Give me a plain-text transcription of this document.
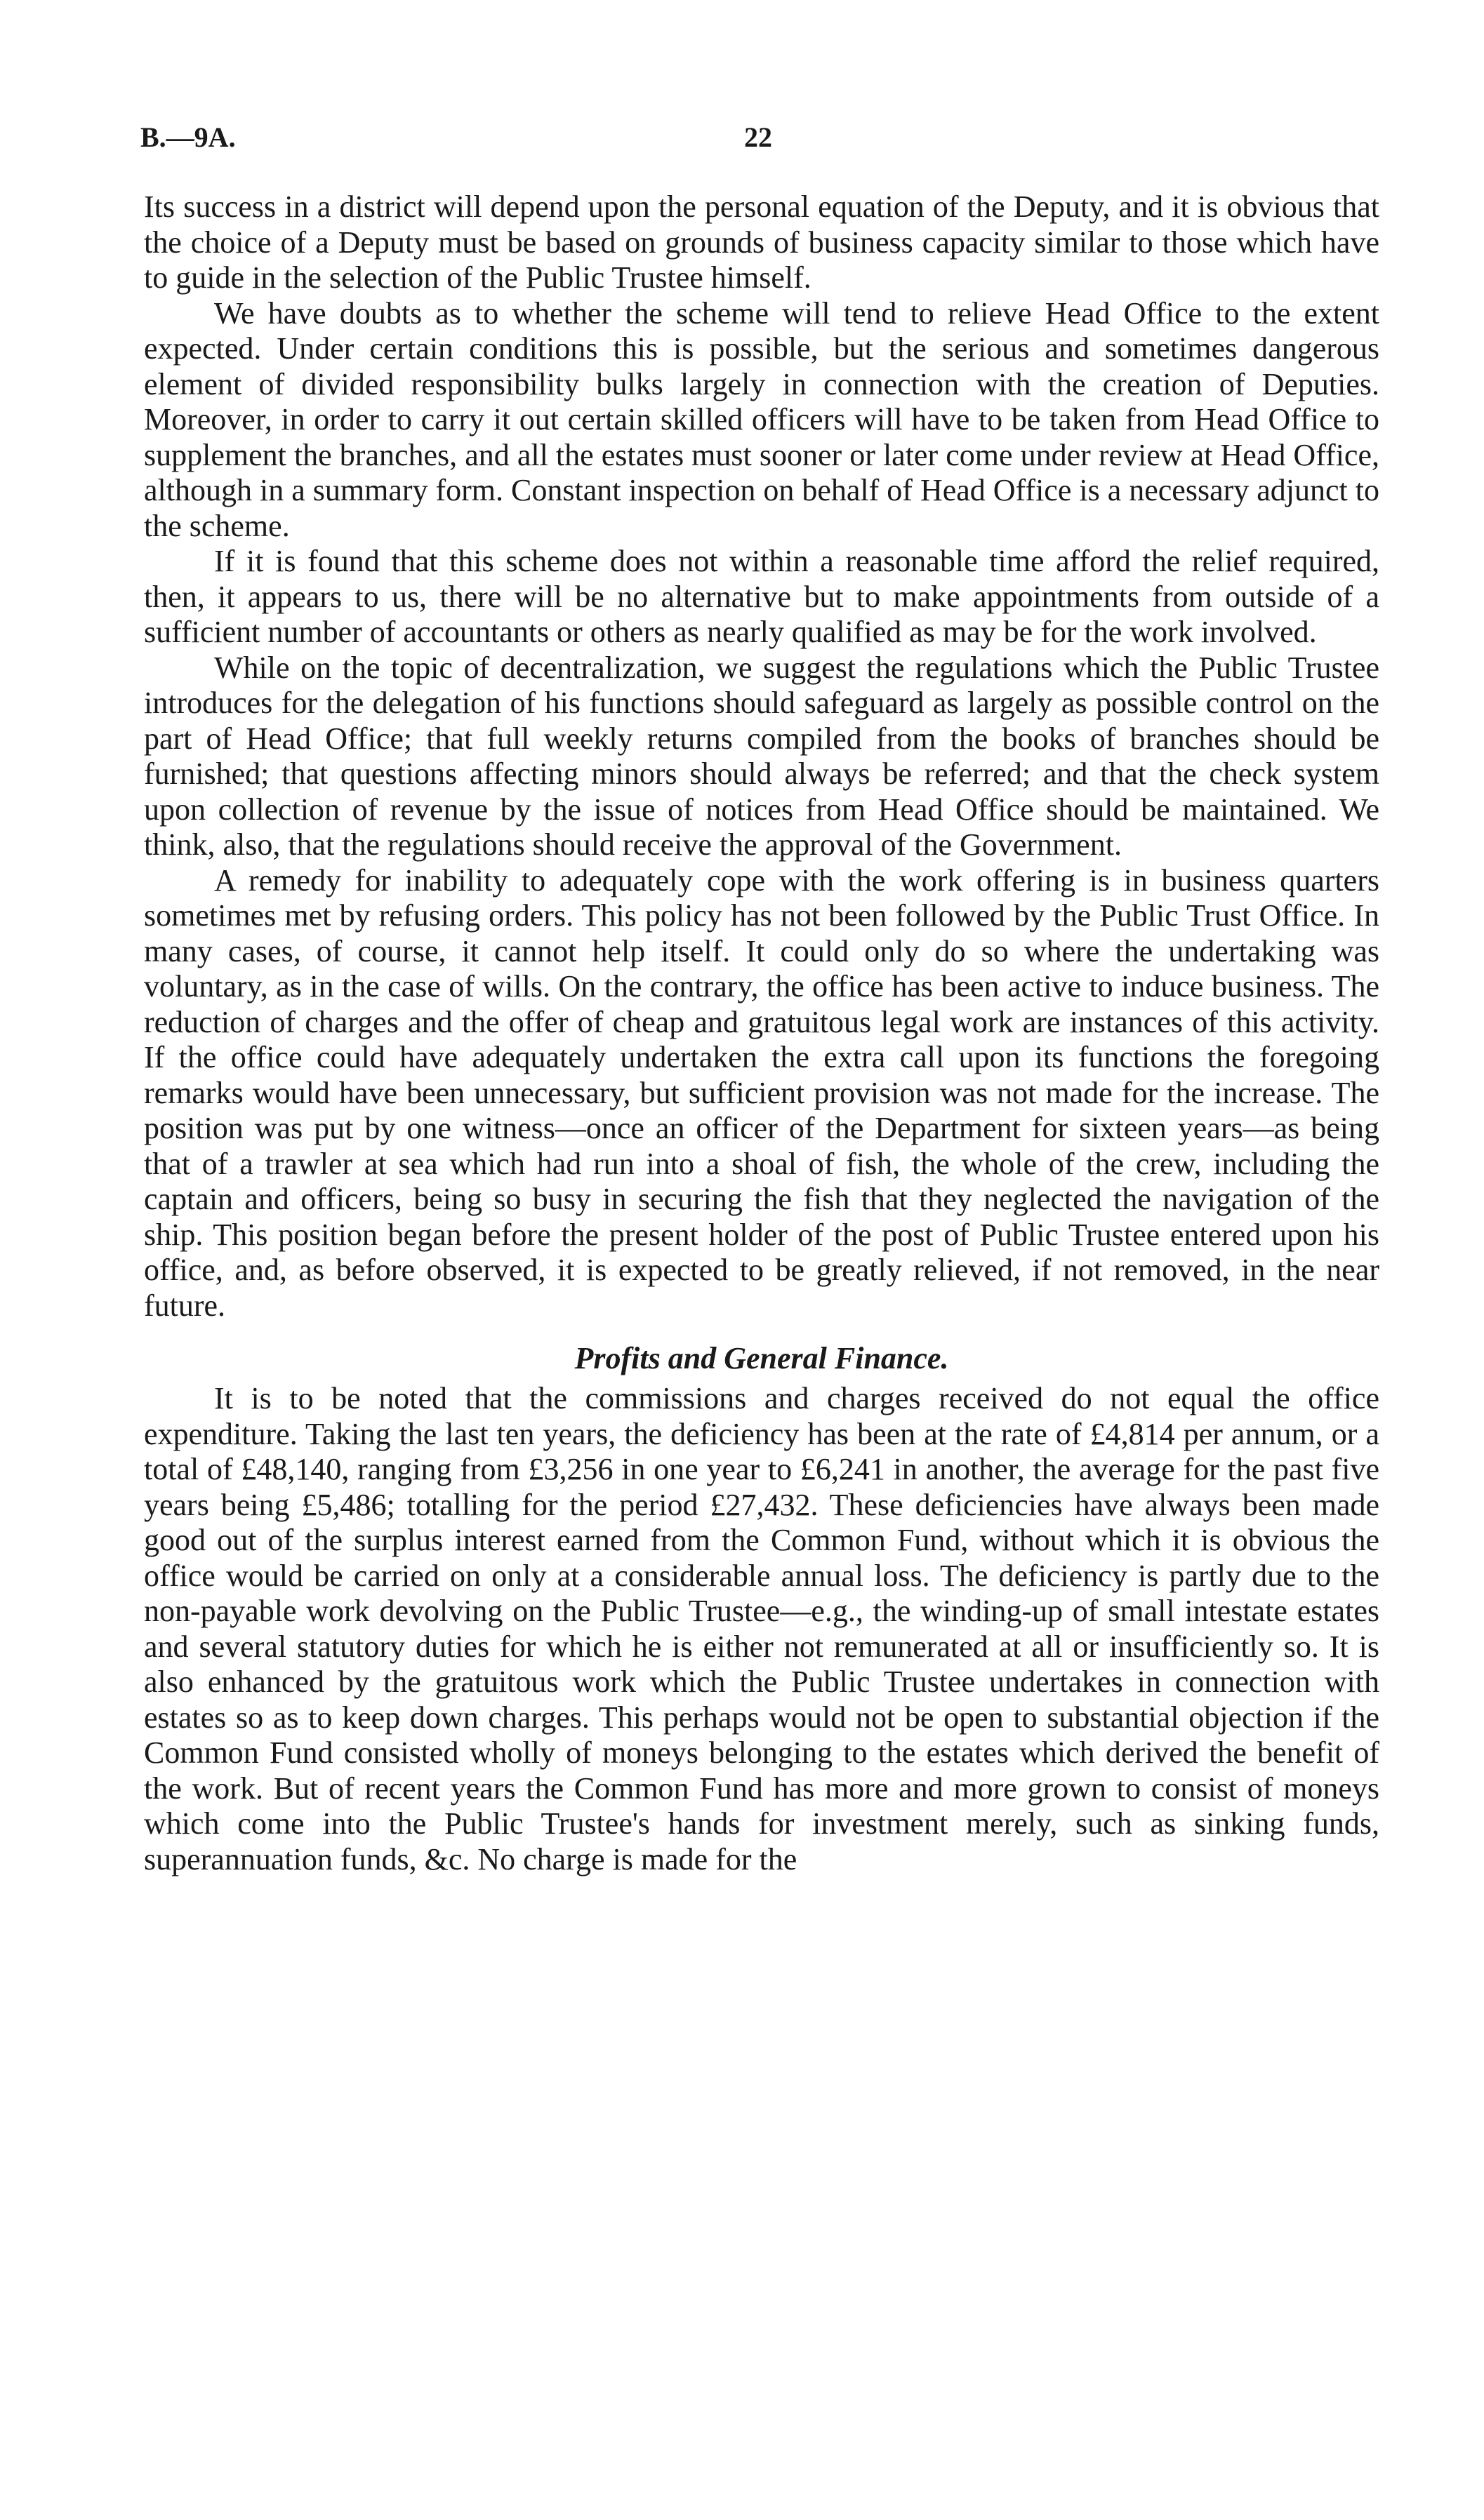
B.—9A.	22

Its success in a district will depend upon the personal equation of the Deputy, and it is obvious that the choice of a Deputy must be based on grounds of business capacity similar to those which have to guide in the selection of the Public Trustee himself.

We have doubts as to whether the scheme will tend to relieve Head Office to the extent expected. Under certain conditions this is possible, but the serious and sometimes dangerous element of divided responsibility bulks largely in connection with the creation of Deputies. Moreover, in order to carry it out certain skilled officers will have to be taken from Head Office to supplement the branches, and all the estates must sooner or later come under review at Head Office, although in a summary form. Constant inspection on behalf of Head Office is a necessary adjunct to the scheme.

If it is found that this scheme does not within a reasonable time afford the relief required, then, it appears to us, there will be no alternative but to make appointments from outside of a sufficient number of accountants or others as nearly qualified as may be for the work involved.

While on the topic of decentralization, we suggest the regulations which the Public Trustee introduces for the delegation of his functions should safeguard as largely as possible control on the part of Head Office; that full weekly returns compiled from the books of branches should be furnished; that questions affecting minors should always be referred; and that the check system upon collection of revenue by the issue of notices from Head Office should be maintained. We think, also, that the regulations should receive the approval of the Government.

A remedy for inability to adequately cope with the work offering is in business quarters sometimes met by refusing orders. This policy has not been followed by the Public Trust Office. In many cases, of course, it cannot help itself. It could only do so where the undertaking was voluntary, as in the case of wills. On the contrary, the office has been active to induce business. The reduction of charges and the offer of cheap and gratuitous legal work are instances of this activity. If the office could have adequately undertaken the extra call upon its functions the foregoing remarks would have been unnecessary, but sufficient provision was not made for the increase. The position was put by one witness—once an officer of the Department for sixteen years—as being that of a trawler at sea which had run into a shoal of fish, the whole of the crew, including the captain and officers, being so busy in securing the fish that they neglected the navigation of the ship. This position began before the present holder of the post of Public Trustee entered upon his office, and, as before observed, it is expected to be greatly relieved, if not removed, in the near future.

Profits and General Finance.

It is to be noted that the commissions and charges received do not equal the office expenditure. Taking the last ten years, the deficiency has been at the rate of £4,814 per annum, or a total of £48,140, ranging from £3,256 in one year to £6,241 in another, the average for the past five years being £5,486; totalling for the period £27,432. These deficiencies have always been made good out of the surplus interest earned from the Common Fund, without which it is obvious the office would be carried on only at a considerable annual loss. The deficiency is partly due to the non-payable work devolving on the Public Trustee—e.g., the winding-up of small intestate estates and several statutory duties for which he is either not remunerated at all or insufficiently so. It is also enhanced by the gratuitous work which the Public Trustee undertakes in connection with estates so as to keep down charges. This perhaps would not be open to substantial objection if the Common Fund consisted wholly of moneys belonging to the estates which derived the benefit of the work. But of recent years the Common Fund has more and more grown to consist of moneys which come into the Public Trustee's hands for investment merely, such as sinking funds, superannuation funds, &c. No charge is made for the
